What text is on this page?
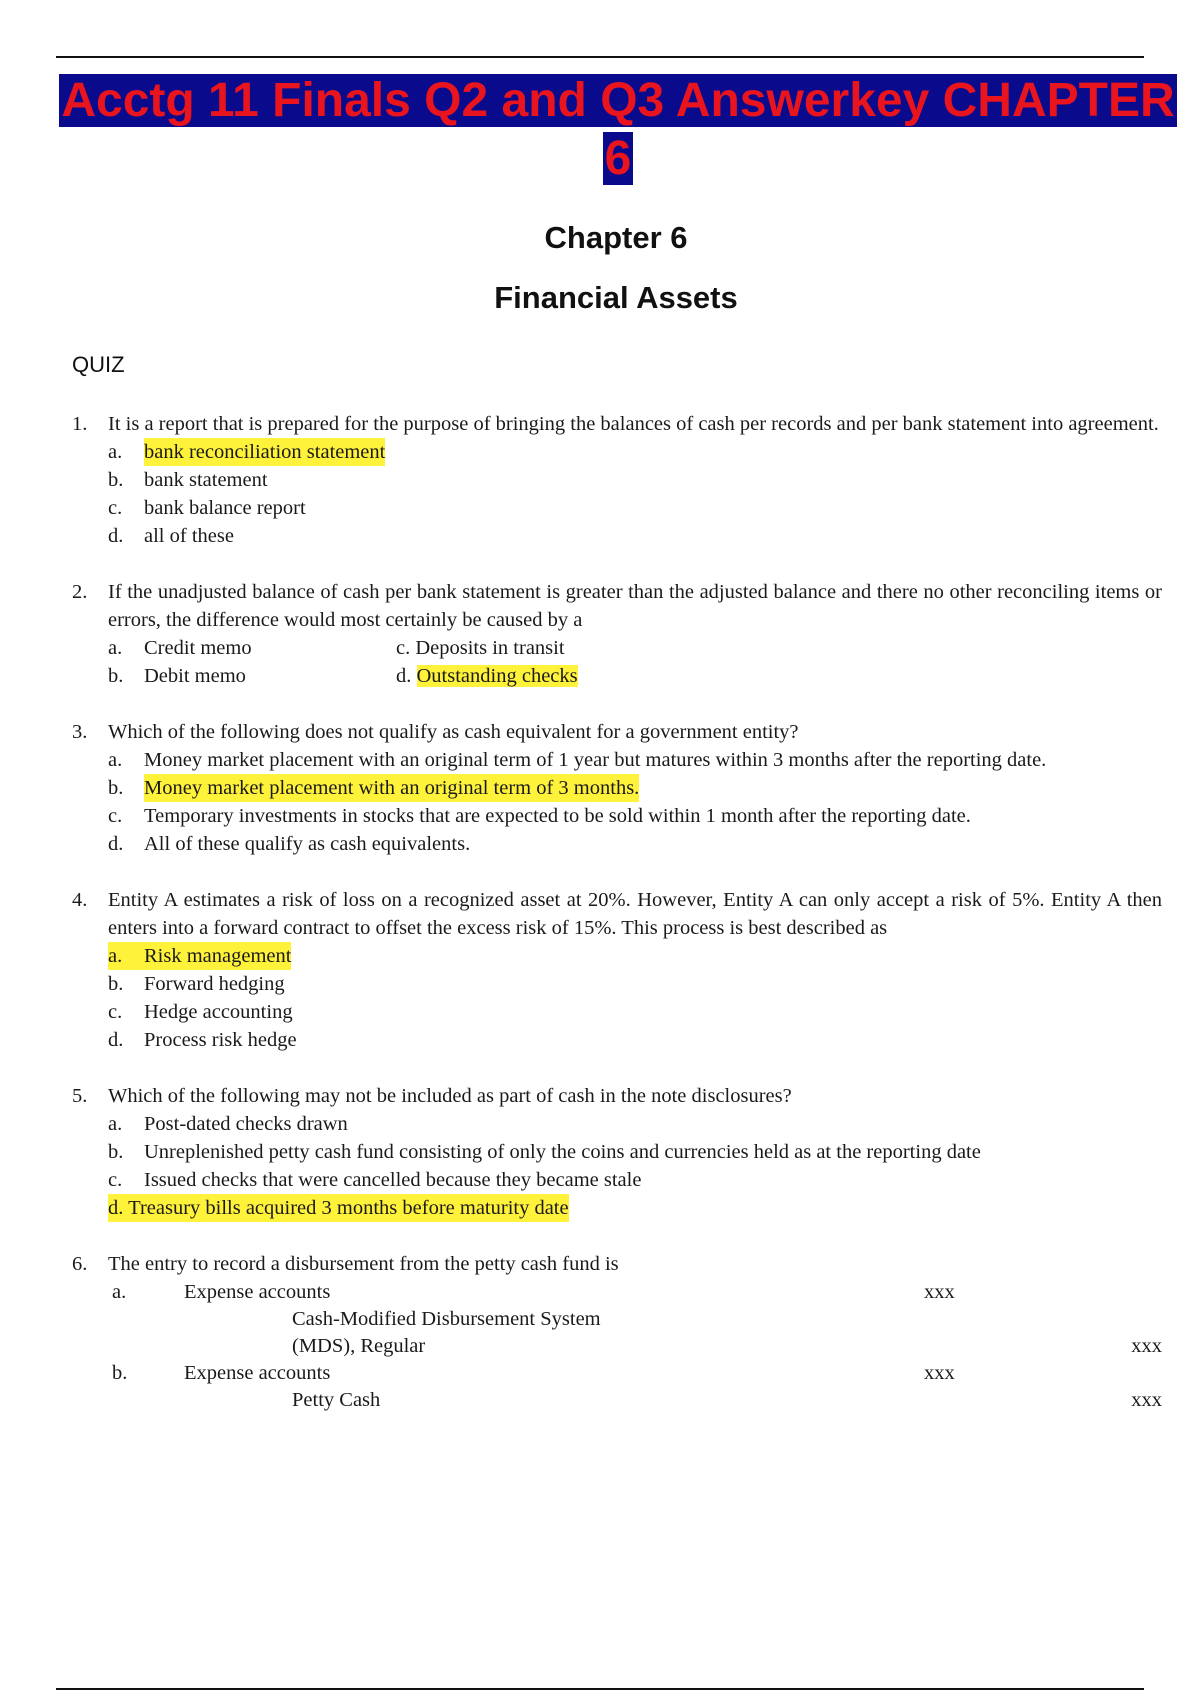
Acctg 11 Finals Q2 and Q3 Answerkey CHAPTER 6
Chapter 6
Financial Assets
QUIZ
1.	It is a report that is prepared for the purpose of bringing the balances of cash per records and per bank statement into agreement.
a.	bank reconciliation statement
b.	bank statement
c.	bank balance report
d.	all of these
2.	If the unadjusted balance of cash per bank statement is greater than the adjusted balance and there no other reconciling items or errors, the difference would most certainly be caused by a
a.	Credit memo	c. Deposits in transit
b.	Debit memo	d. Outstanding checks
3.	Which of the following does not qualify as cash equivalent for a government entity?
a.	Money market placement with an original term of 1 year but matures within 3 months after the reporting date.
b.	Money market placement with an original term of 3 months.
c.	Temporary investments in stocks that are expected to be sold within 1 month after the reporting date.
d.	All of these qualify as cash equivalents.
4.	Entity A estimates a risk of loss on a recognized asset at 20%. However, Entity A can only accept a risk of 5%. Entity A then enters into a forward contract to offset the excess risk of 15%. This process is best described as
a.	Risk management
b.	Forward hedging
c.	Hedge accounting
d.	Process risk hedge
5.	Which of the following may not be included as part of cash in the note disclosures?
a.	Post-dated checks drawn
b.	Unreplenished petty cash fund consisting of only the coins and currencies held as at the reporting date
c.	Issued checks that were cancelled because they became stale
d. Treasury bills acquired 3 months before maturity date
6.	The entry to record a disbursement from the petty cash fund is
a.	Expense accounts	xxx
Cash-Modified Disbursement System
(MDS), Regular	xxx
b.	Expense accounts	xxx
Petty Cash	xxx
